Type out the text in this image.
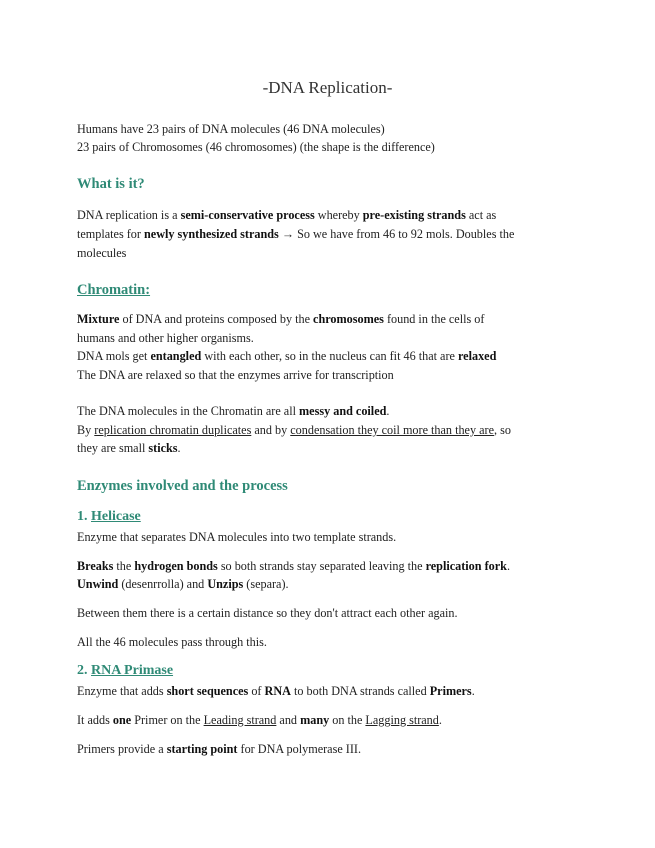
-DNA Replication-
Humans have 23 pairs of DNA molecules (46 DNA molecules)
23 pairs of Chromosomes (46 chromosomes) (the shape is the difference)
What is it?
DNA replication is a semi-conservative process whereby pre-existing strands act as
templates for newly synthesized strands → So we have from 46 to 92 mols. Doubles the
molecules
Chromatin:
Mixture of DNA and proteins composed by the chromosomes found in the cells of
humans and other higher organisms.
DNA mols get entangled with each other, so in the nucleus can fit 46 that are relaxed
The DNA are relaxed so that the enzymes arrive for transcription
The DNA molecules in the Chromatin are all messy and coiled.
By replication chromatin duplicates and by condensation they coil more than they are, so
they are small sticks.
Enzymes involved and the process
1. Helicase
Enzyme that separates DNA molecules into two template strands.
Breaks the hydrogen bonds so both strands stay separated leaving the replication fork.
Unwind (desenrrolla) and Unzips (separa).
Between them there is a certain distance so they don't attract each other again.
All the 46 molecules pass through this.
2. RNA Primase
Enzyme that adds short sequences of RNA to both DNA strands called Primers.
It adds one Primer on the Leading strand and many on the Lagging strand.
Primers provide a starting point for DNA polymerase III.
